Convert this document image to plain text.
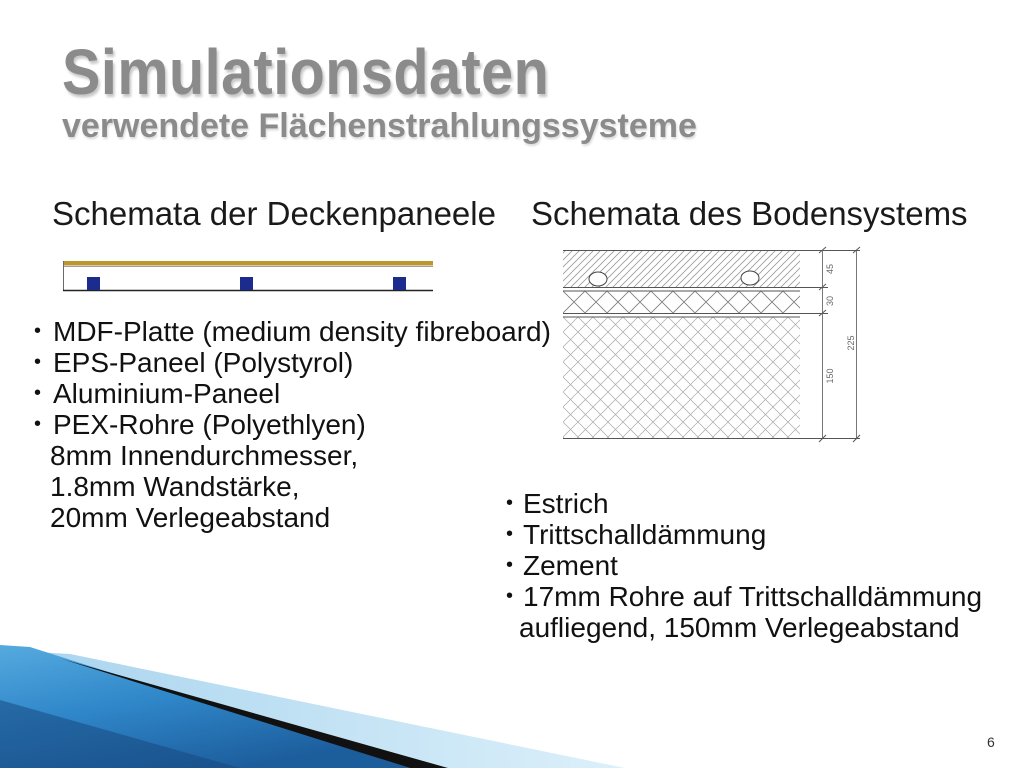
Simulationsdaten
verwendete Flächenstrahlungssysteme
Schemata der Deckenpaneele Schemata des Bodensystems
45
30
150
225
• MDF-Platte (medium density fibreboard)
• EPS-Paneel (Polystyrol)
• Aluminium-Paneel
• PEX-Rohre (Polyethlyen)
8mm Innendurchmesser,
1.8mm Wandstärke,
20mm Verlegeabstand	• Estrich
• Trittschalldämmung
• Zement
• 17mm Rohre auf Trittschalldämmung
aufliegend, 150mm Verlegeabstand
6
